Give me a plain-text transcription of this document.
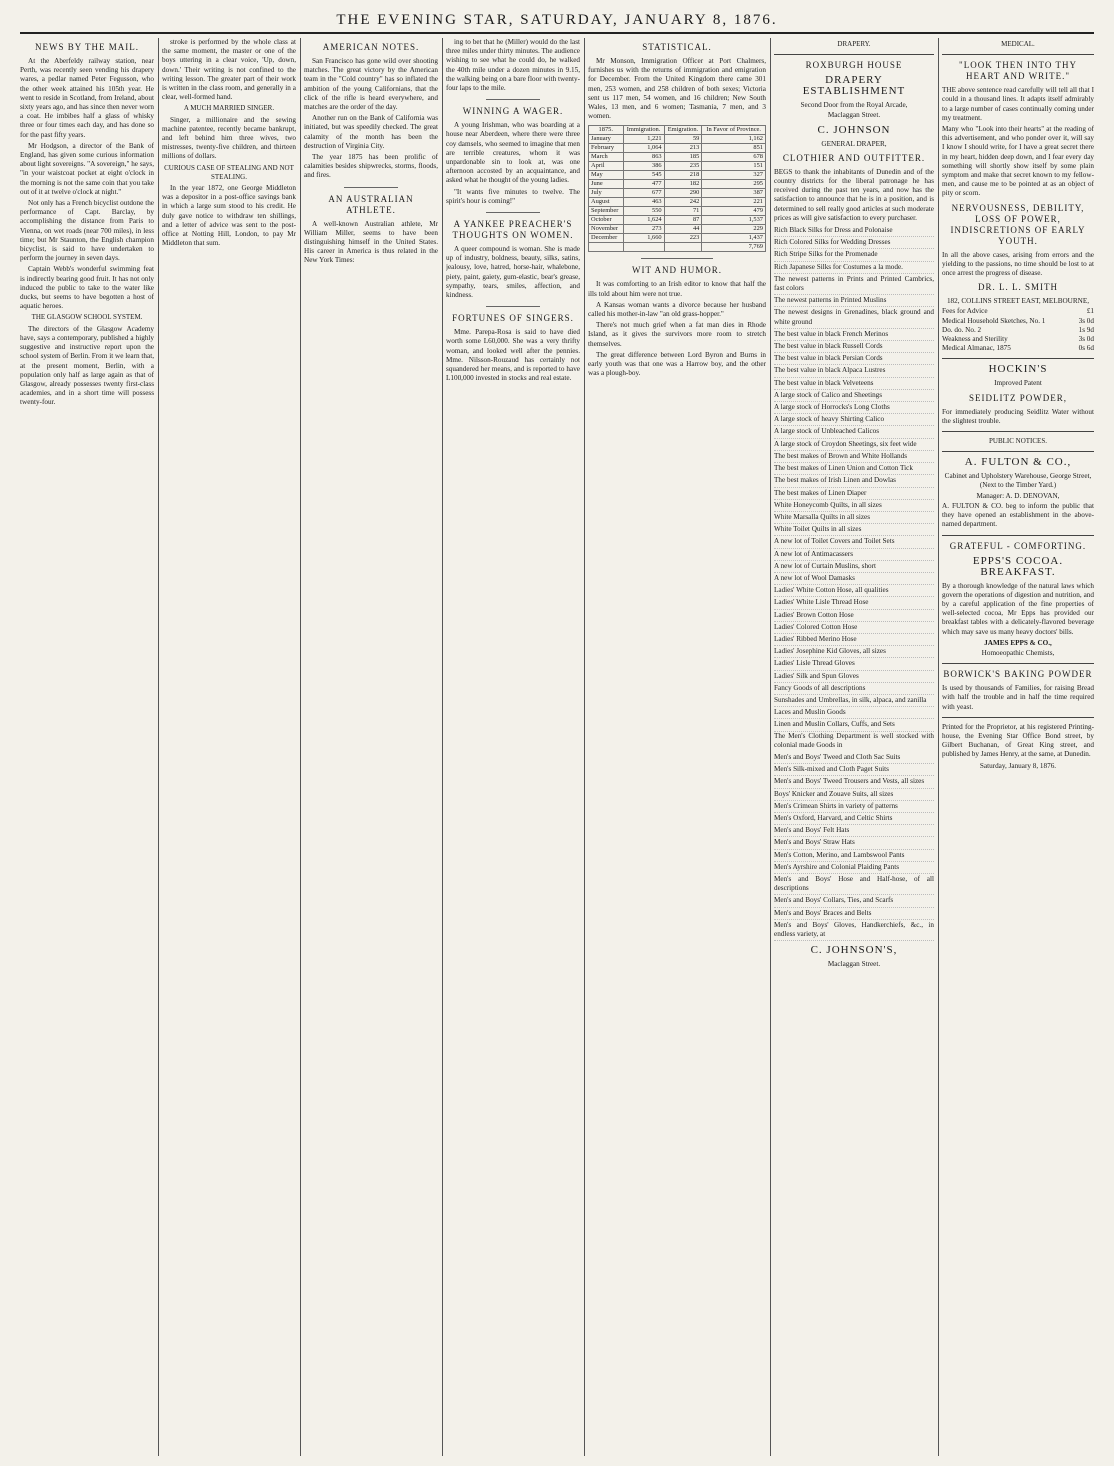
THE EVENING STAR, SATURDAY, JANUARY 8, 1876.
NEWS BY THE MAIL.

At the Aberfeldy railway station, near Perth, was recently seen vending his drapery wares, a pedlar named Peter Fegusson, who the other week attained his 105th year. He went to reside in Scotland, from Ireland, about sixty years ago, and has since then never worn a coat. He imbibes half a glass of whisky three or four times each day, and has done so for the past fifty years.

Mr Hodgson, a director of the Bank of England, has given some curious information about light sovereigns. "A sovereign," he says, "in your waistcoat pocket at eight o'clock in the morning is not the same coin that you take out of it at twelve o'clock at night."

Not only has a French bicyclist outdone the performance of Capt. Barclay, by accomplishing the distance from Paris to Vienna, on wet roads (near 700 miles), in less time; but Mr Staunton, the English champion bicyclist, is said to have undertaken to perform the journey in seven days.

Captain Webb's wonderful swimming feat is indirectly bearing good fruit. It has not only induced the public to take to the water like ducks, but seems to have begotten a host of aquatic heroes.

THE GLASGOW SCHOOL SYSTEM.

The directors of the Glasgow Academy have, says a contemporary, published a highly suggestive and instructive report upon the school system of Berlin. From it we learn that, at the present moment, Berlin, with a population only half as large again as that of Glasgow, already possesses twenty first-class academies, and in a short time will possess twenty-four.

stroke is performed by the whole class at the same moment, the master or one of the boys uttering in a clear voice, 'Up, down, down.' Their writing is not confined to the writing lesson. The greater part of their work is written in the class room, and generally in a clear, well-formed hand.

A MUCH MARRIED SINGER.

Singer, a millionaire and the sewing machine patentee, recently became bankrupt, and left behind him three wives, two mistresses, twenty-five children, and thirteen millions of dollars.

CURIOUS CASE OF STEALING AND NOT STEALING.

In the year 1872, one George Middleton was a depositor in a post-office savings bank in which a large sum stood to his credit. He duly gave notice to withdraw ten shillings, and a letter of advice was sent to the post-office at Notting Hill, London, to pay Mr Middleton that sum.

AMERICAN NOTES.

San Francisco has gone wild over shooting matches. The great victory by the American team in the "Cold country" has so inflated the ambition of the young Californians, that the click of the rifle is heard everywhere, and matches are the order of the day.

Another run on the Bank of California was initiated, but was speedily checked. The great calamity of the month has been the destruction of Virginia City.

The year 1875 has been prolific of calamities besides shipwrecks, storms, floods, and fires.

AN AUSTRALIAN ATHLETE.

A well-known Australian athlete, Mr William Miller, seems to have been distinguishing himself in the United States. His career in America is thus related in the New York Times:

ing to bet that he (Miller) would do the last three miles under thirty minutes. The audience wishing to see what he could do, he walked the 40th mile under a dozen minutes in 9.15, the walking being on a bare floor with twenty-four laps to the mile.

WINNING A WAGER.

A young Irishman, who was boarding at a house near Aberdeen, where there were three coy damsels, who seemed to imagine that men are terrible creatures, whom it was unpardonable sin to look at, was one afternoon accosted by an acquaintance, and asked what he thought of the young ladies.

"It wants five minutes to twelve. The spirit's hour is coming!"

A YANKEE PREACHER'S THOUGHTS ON WOMEN.

A queer compound is woman. She is made up of industry, boldness, beauty, silks, satins, jealousy, love, hatred, horse-hair, whalebone, piety, paint, gaiety, gum-elastic, bear's grease, sympathy, tears, smiles, affection, and kindness.

FORTUNES OF SINGERS.

Mme. Parepa-Rosa is said to have died worth some L60,000. She was a very thrifty woman, and looked well after the pennies. Mme. Nilsson-Rouzaud has certainly not squandered her means, and is reported to have L100,000 invested in stocks and real estate.

STATISTICAL.

Mr Monson, Immigration Officer at Port Chalmers, furnishes us with the returns of immigration and emigration for December. From the United Kingdom there came 301 men, 253 women, and 258 children of both sexes; Victoria sent us 117 men, 54 women, and 16 children; New South Wales, 13 men, and 6 women; Tasmania, 7 men, and 3 women.

1875.	Immigration.	Emigration.	In Favor of Province.
January	1,221	59	1,162
February	1,064	213	851
March	863	185	678
April	386	235	151
May	545	218	327
June	477	182	295
July	677	290	387
August	463	242	221
September	550	71	479
October	1,624	87	1,537
November	273	44	229
December	1,660	223	1,437
			7,769
WIT AND HUMOR.

It was comforting to an Irish editor to know that half the ills told about him were not true.

A Kansas woman wants a divorce because her husband called his mother-in-law "an old grass-hopper."

There's not much grief when a fat man dies in Rhode Island, as it gives the survivors more room to stretch themselves.

The great difference between Lord Byron and Burns in early youth was that one was a Harrow boy, and the other was a plough-boy.

DRAPERY.
ROXBURGH HOUSE
DRAPERY ESTABLISHMENT
Second Door from the Royal Arcade,
Maclaggan Street.
C. JOHNSON
GENERAL DRAPER,
CLOTHIER AND OUTFITTER.

BEGS to thank the inhabitants of Dunedin and of the country districts for the liberal patronage he has received during the past ten years, and now has the satisfaction to announce that he is in a position, and is determined to sell really good articles at such moderate prices as will give satisfaction to every purchaser.

Rich Black Silks for Dress and Polonaise
Rich Colored Silks for Wedding Dresses
Rich Stripe Silks for the Promenade
Rich Japanese Silks for Costumes a la mode.
The newest patterns in Prints and Printed Cambrics, fast colors
The newest patterns in Printed Muslins
The newest designs in Grenadines, black ground and white ground
The best value in black French Merinos
The best value in black Russell Cords
The best value in black Persian Cords
The best value in black Alpaca Lustres
The best value in black Velveteens
A large stock of Calico and Sheetings
A large stock of Horrocks's Long Cloths
A large stock of heavy Shirting Calico
A large stock of Unbleached Calicos
A large stock of Croydon Sheetings, six feet wide
The best makes of Brown and White Hollands
The best makes of Linen Union and Cotton Tick
The best makes of Irish Linen and Dowlas
The best makes of Linen Diaper
White Honeycomb Quilts, in all sizes
White Marsalla Quilts in all sizes
White Toilet Quilts in all sizes
A new lot of Toilet Covers and Toilet Sets
A new lot of Antimacassers
A new lot of Curtain Muslins, short
A new lot of Wool Damasks
Ladies' White Cotton Hose, all qualities
Ladies' White Lisle Thread Hose
Ladies' Brown Cotton Hose
Ladies' Colored Cotton Hose
Ladies' Ribbed Merino Hose
Ladies' Josephine Kid Gloves, all sizes
Ladies' Lisle Thread Gloves
Ladies' Silk and Spun Gloves
Fancy Goods of all descriptions
Sunshades and Umbrellas, in silk, alpaca, and zanilla
Laces and Muslin Goods
Linen and Muslin Collars, Cuffs, and Sets

The Men's Clothing Department is well stocked with colonial made Goods in

Men's and Boys' Tweed and Cloth Sac Suits
Men's Silk-mixed and Cloth Paget Suits
Men's and Boys' Tweed Trousers and Vests, all sizes
Boys' Knicker and Zouave Suits, all sizes
Men's Crimean Shirts in variety of patterns
Men's Oxford, Harvard, and Celtic Shirts
Men's and Boys' Felt Hats
Men's and Boys' Straw Hats
Men's Cotton, Merino, and Lambswool Pants
Men's Ayrshire and Colonial Plaiding Pants
Men's and Boys' Hose and Half-hose, of all descriptions
Men's and Boys' Collars, Ties, and Scarfs
Men's and Boys' Braces and Belts
Men's and Boys' Gloves, Handkerchiefs, &c., in endless variety, at
C. JOHNSON'S,
Maclaggan Street.
MEDICAL.
"LOOK THEN INTO THY HEART AND WRITE."

THE above sentence read carefully will tell all that I could in a thousand lines. It adapts itself admirably to a large number of cases continually coming under my treatment.

Many who "Look into their hearts" at the reading of this advertisement, and who ponder over it, will say I know I should write, for I have a great secret there in my heart, hidden deep down, and I fear every day something will shortly show itself by some plain symptom and make that secret known to my fellow-men, and cause me to be pointed at as an object of pity or scorn.

NERVOUSNESS, DEBILITY, LOSS OF POWER, INDISCRETIONS OF EARLY YOUTH.

In all the above cases, arising from errors and the yielding to the passions, no time should be lost to at once arrest the progress of disease.

DR. L. L. SMITH
182, COLLINS STREET EAST, MELBOURNE,
Fees for Advice	£1
Medical Household Sketches, No. 1	3s 0d
Do. do. No. 2	1s 9d
Weakness and Sterility	3s 0d
Medical Almanac, 1875	0s 6d
HOCKIN'S
Improved Patent
SEIDLITZ POWDER,

For immediately producing Seidlitz Water without the slightest trouble.

PUBLIC NOTICES.
A. FULTON & CO.,
Cabinet and Upholstery Warehouse, George Street, (Next to the Timber Yard.)
Manager: A. D. DENOVAN,

A. FULTON & CO. beg to inform the public that they have opened an establishment in the above-named department.

GRATEFUL - COMFORTING.
EPPS'S COCOA. BREAKFAST.

By a thorough knowledge of the natural laws which govern the operations of digestion and nutrition, and by a careful application of the fine properties of well-selected cocoa, Mr Epps has provided our breakfast tables with a delicately-flavored beverage which may save us many heavy doctors' bills.

JAMES EPPS & CO.,
Homoeopathic Chemists,
BORWICK'S BAKING POWDER

Is used by thousands of Families, for raising Bread with half the trouble and in half the time required with yeast.

Printed for the Proprietor, at his registered Printing-house, the Evening Star Office Bond street, by Gilbert Buchanan, of Great King street, and published by James Henry, at the same, at Dunedin.

Saturday, January 8, 1876.
